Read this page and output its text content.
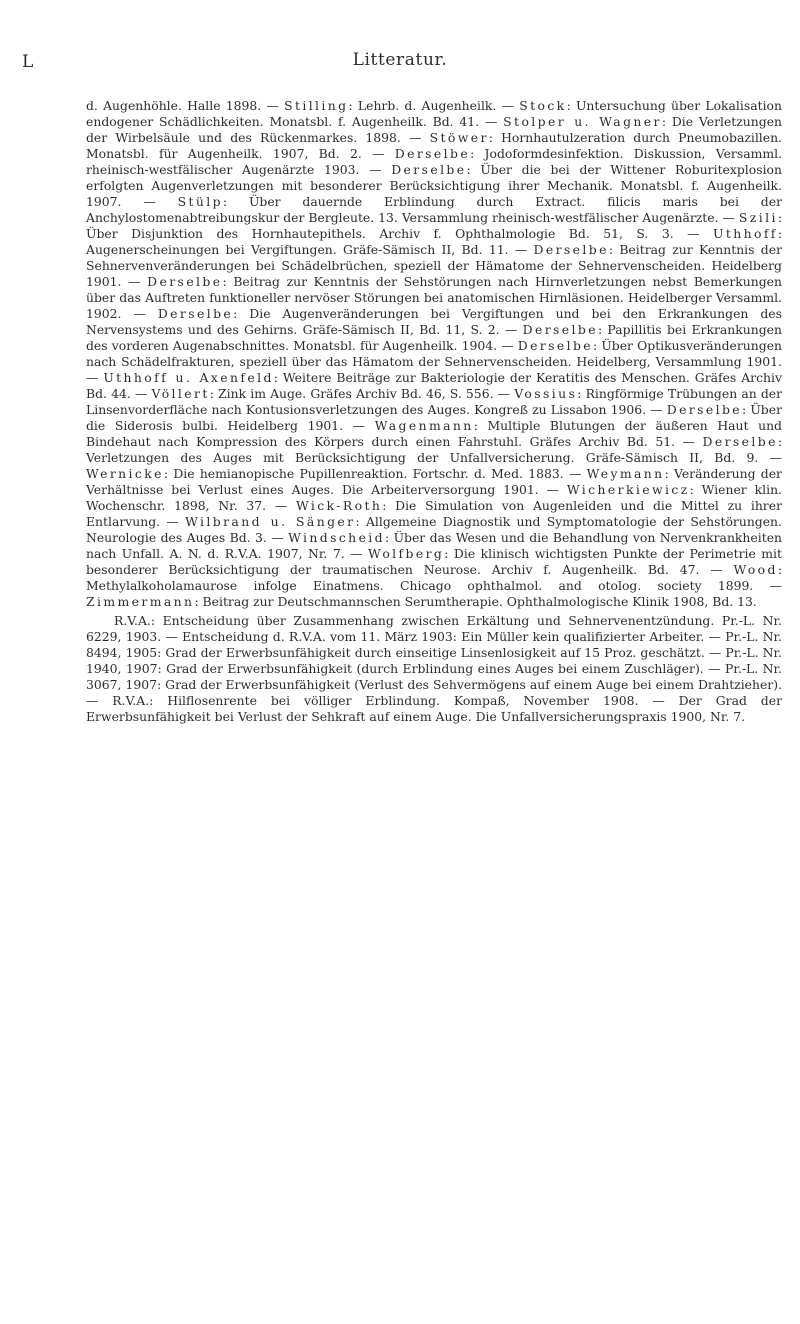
L	Litteratur.

d. Augenhöhle. Halle 1898. — Stilling: Lehrb. d. Augenheilk. — Stock: Untersuchung über Lokalisation endogener Schädlichkeiten. Monatsbl. f. Augenheilk. Bd. 41. — Stolper u. Wagner: Die Verletzungen der Wirbelsäule und des Rückenmarkes. 1898. — Stöwer: Hornhautulzeration durch Pneumobazillen. Monatsbl. für Augenheilk. 1907, Bd. 2. — Derselbe: Jodoformdesinfektion. Diskussion, Versamml. rheinisch-westfälischer Augenärzte 1903. — Derselbe: Über die bei der Wittener Roburitexplosion erfolgten Augenverletzungen mit besonderer Berücksichtigung ihrer Mechanik. Monatsbl. f. Augenheilk. 1907. — Stülp: Über dauernde Erblindung durch Extract. filicis maris bei der Anchylostomenabtreibungskur der Bergleute. 13. Versammlung rheinisch-westfälischer Augenärzte. — Szili: Über Disjunktion des Hornhautepithels. Archiv f. Ophthalmologie Bd. 51, S. 3. — Uthhoff: Augenerscheinungen bei Vergiftungen. Gräfe-Sämisch II, Bd. 11. — Derselbe: Beitrag zur Kenntnis der Sehnervenveränderungen bei Schädelbrüchen, speziell der Hämatome der Sehnervenscheiden. Heidelberg 1901. — Derselbe: Beitrag zur Kenntnis der Sehstörungen nach Hirnverletzungen nebst Bemerkungen über das Auftreten funktioneller nervöser Störungen bei anatomischen Hirnläsionen. Heidelberger Versamml. 1902. — Derselbe: Die Augenveränderungen bei Vergiftungen und bei den Erkrankungen des Nervensystems und des Gehirns. Gräfe-Sämisch II, Bd. 11, S. 2. — Derselbe: Papillitis bei Erkrankungen des vorderen Augenabschnittes. Monatsbl. für Augenheilk. 1904. — Derselbe: Über Optikusveränderungen nach Schädelfrakturen, speziell über das Hämatom der Sehnervenscheiden. Heidelberg, Versammlung 1901. — Uthhoff u. Axenfeld: Weitere Beiträge zur Bakteriologie der Keratitis des Menschen. Gräfes Archiv Bd. 44. — Völlert: Zink im Auge. Gräfes Archiv Bd. 46, S. 556. — Vossius: Ringförmige Trübungen an der Linsenvorderfläche nach Kontusionsverletzungen des Auges. Kongreß zu Lissabon 1906. — Derselbe: Über die Siderosis bulbi. Heidelberg 1901. — Wagenmann: Multiple Blutungen der äußeren Haut und Bindehaut nach Kompression des Körpers durch einen Fahrstuhl. Gräfes Archiv Bd. 51. — Derselbe: Verletzungen des Auges mit Berücksichtigung der Unfallversicherung. Gräfe-Sämisch II, Bd. 9. — Wernicke: Die hemianopische Pupillenreaktion. Fortschr. d. Med. 1883. — Weymann: Veränderung der Verhältnisse bei Verlust eines Auges. Die Arbeiterversorgung 1901. — Wicherkiewicz: Wiener klin. Wochenschr. 1898, Nr. 37. — Wick-Roth: Die Simulation von Augenleiden und die Mittel zu ihrer Entlarvung. — Wilbrand u. Sänger: Allgemeine Diagnostik und Symptomatologie der Sehstörungen. Neurologie des Auges Bd. 3. — Windscheid: Über das Wesen und die Behandlung von Nervenkrankheiten nach Unfall. A. N. d. R.V.A. 1907, Nr. 7. — Wolfberg: Die klinisch wichtigsten Punkte der Perimetrie mit besonderer Berücksichtigung der traumatischen Neurose. Archiv f. Augenheilk. Bd. 47. — Wood: Methylalkoholamaurose infolge Einatmens. Chicago ophthalmol. and otolog. society 1899. — Zimmermann: Beitrag zur Deutschmannschen Serumtherapie. Ophthalmologische Klinik 1908, Bd. 13.

R.V.A.: Entscheidung über Zusammenhang zwischen Erkältung und Sehnervenentzündung. Pr.-L. Nr. 6229, 1903. — Entscheidung d. R.V.A. vom 11. März 1903: Ein Müller kein qualifizierter Arbeiter. — Pr.-L. Nr. 8494, 1905: Grad der Erwerbsunfähigkeit durch einseitige Linsenlosigkeit auf 15 Proz. geschätzt. — Pr.-L. Nr. 1940, 1907: Grad der Erwerbsunfähigkeit (durch Erblindung eines Auges bei einem Zuschläger). — Pr.-L. Nr. 3067, 1907: Grad der Erwerbsunfähigkeit (Verlust des Sehvermögens auf einem Auge bei einem Drahtzieher). — R.V.A.: Hilflosenrente bei völliger Erblindung. Kompaß, November 1908. — Der Grad der Erwerbsunfähigkeit bei Verlust der Sehkraft auf einem Auge. Die Unfallversicherungspraxis 1900, Nr. 7.
